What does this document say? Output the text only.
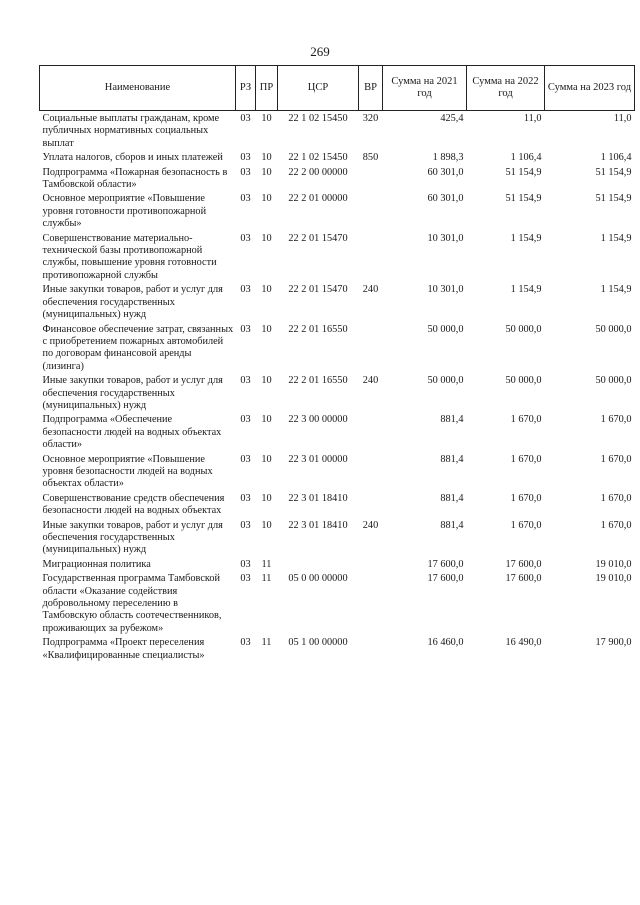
269
Наименование	РЗ	ПР	ЦСР	ВР	Сумма на 2021 год	Сумма на 2022 год	Сумма на 2023 год
Социальные выплаты гражданам, кроме публичных нормативных социальных выплат	03	10	22 1 02 15450	320	425,4	11,0	11,0
Уплата налогов, сборов и иных платежей	03	10	22 1 02 15450	850	1 898,3	1 106,4	1 106,4
Подпрограмма «Пожарная безопасность в Тамбовской области»	03	10	22 2 00 00000		60 301,0	51 154,9	51 154,9
Основное мероприятие «Повышение уровня готовности противопожарной службы»	03	10	22 2 01 00000		60 301,0	51 154,9	51 154,9
Совершенствование материально-технической базы противопожарной службы, повышение уровня готовности противопожарной службы	03	10	22 2 01 15470		10 301,0	1 154,9	1 154,9
Иные закупки товаров, работ и услуг для обеспечения государственных (муниципальных) нужд	03	10	22 2 01 15470	240	10 301,0	1 154,9	1 154,9
Финансовое обеспечение затрат, связанных с приобретением пожарных автомобилей по договорам финансовой аренды (лизинга)	03	10	22 2 01 16550		50 000,0	50 000,0	50 000,0
Иные закупки товаров, работ и услуг для обеспечения государственных (муниципальных) нужд	03	10	22 2 01 16550	240	50 000,0	50 000,0	50 000,0
Подпрограмма «Обеспечение безопасности людей на водных объектах области»	03	10	22 3 00 00000		881,4	1 670,0	1 670,0
Основное мероприятие «Повышение уровня безопасности людей на водных объектах области»	03	10	22 3 01 00000		881,4	1 670,0	1 670,0
Совершенствование средств обеспечения безопасности людей на водных объектах	03	10	22 3 01 18410		881,4	1 670,0	1 670,0
Иные закупки товаров, работ и услуг для обеспечения государственных (муниципальных) нужд	03	10	22 3 01 18410	240	881,4	1 670,0	1 670,0
Миграционная политика	03	11			17 600,0	17 600,0	19 010,0
Государственная программа Тамбовской области «Оказание содействия добровольному переселению в Тамбовскую область соотечественников, проживающих за рубежом»	03	11	05 0 00 00000		17 600,0	17 600,0	19 010,0
Подпрограмма «Проект переселения «Квалифицированные специалисты»	03	11	05 1 00 00000		16 460,0	16 490,0	17 900,0
